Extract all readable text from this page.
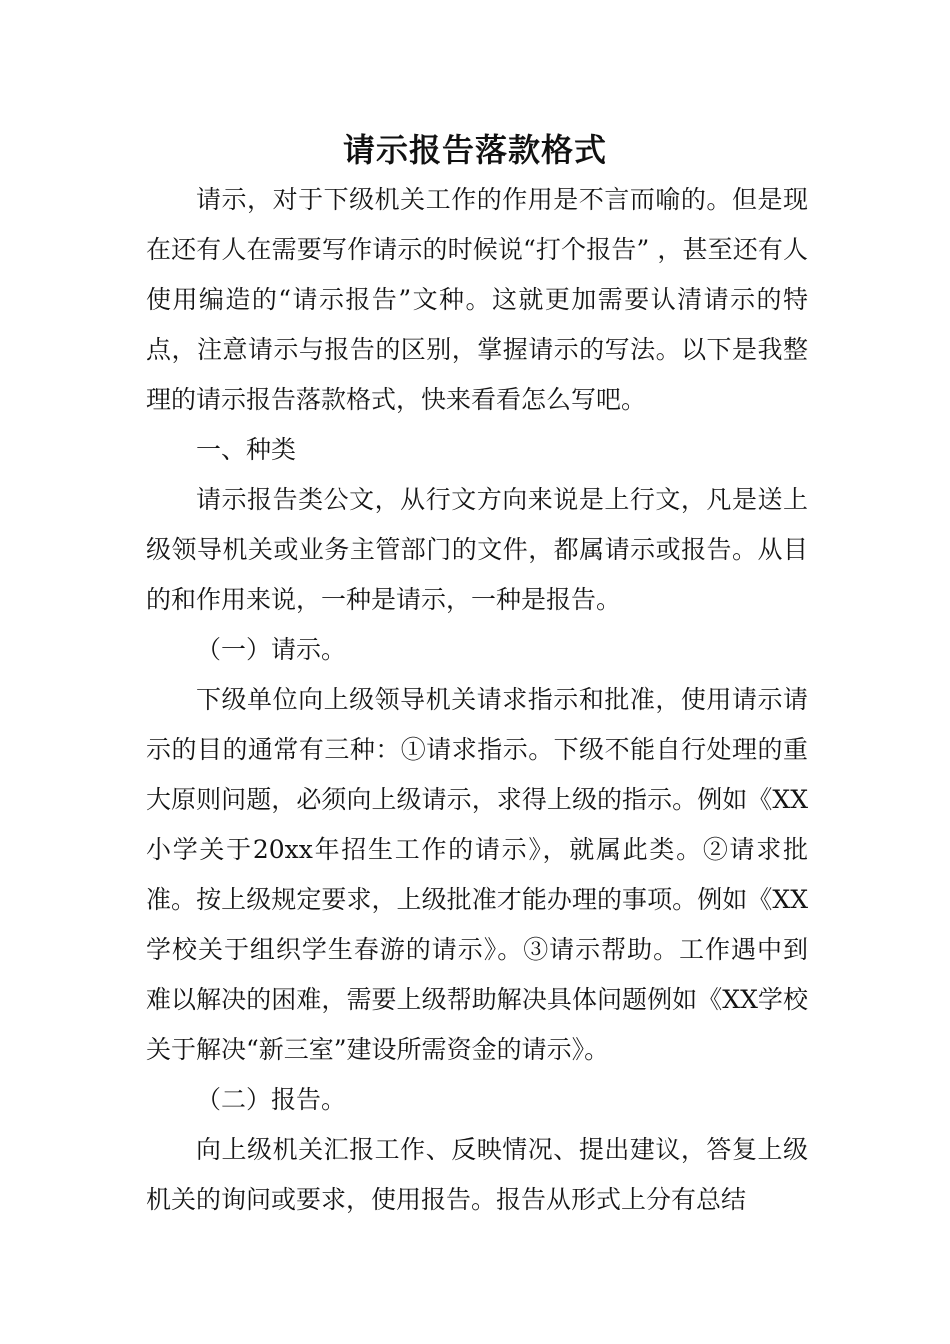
请示报告落款格式

请示，对于下级机关工作的作用是不言而喻的。但是现在还有人在需要写作请示的时候说“打个报告” ，甚至还有人使用编造的“请示报告”文种。这就更加需要认清请示的特点，注意请示与报告的区别，掌握请示的写法。以下是我整理的请示报告落款格式，快来看看怎么写吧。

一、种类

请示报告类公文，从行文方向来说是上行文，凡是送上级领导机关或业务主管部门的文件，都属请示或报告。从目的和作用来说，一种是请示，一种是报告。

（一）请示。

下级单位向上级领导机关请求指示和批准，使用请示请示的目的通常有三种：①请求指示。下级不能自行处理的重大原则问题，必须向上级请示，求得上级的指示。例如《XX小学关于20xx年招生工作的请示》，就属此类。②请求批准。按上级规定要求，上级批准才能办理的事项。例如《XX学校关于组织学生春游的请示》。③请示帮助。工作遇中到难以解决的困难，需要上级帮助解决具体问题例如《XX学校关于解决“新三室”建设所需资金的请示》。

（二）报告。

向上级机关汇报工作、反映情况、提出建议，答复上级机关的询问或要求，使用报告。报告从形式上分有总结
